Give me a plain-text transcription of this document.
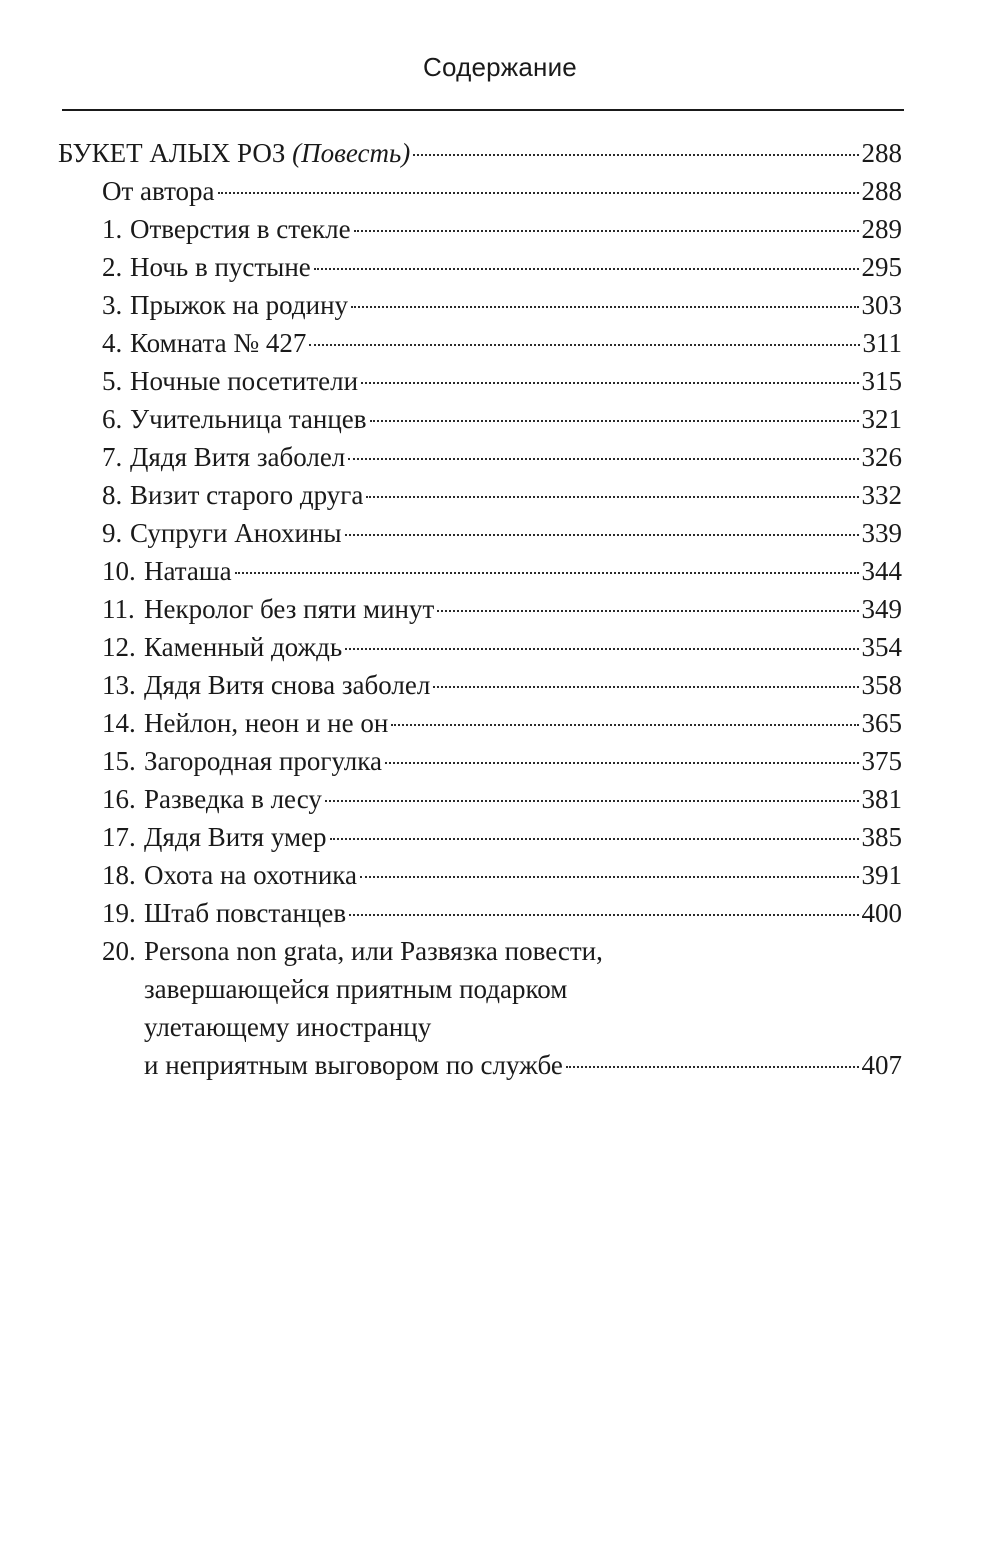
Содержание
БУКЕТ АЛЫХ РОЗ (Повесть)	288
От автора	288
1. Отверстия в стекле	289
2. Ночь в пустыне	295
3. Прыжок на родину	303
4. Комната № 427	311
5. Ночные посетители	315
6. Учительница танцев	321
7. Дядя Витя заболел	326
8. Визит старого друга	332
9. Супруги Анохины	339
10. Наташа	344
11. Некролог без пяти минут	349
12. Каменный дождь	354
13. Дядя Витя снова заболел	358
14. Нейлон, неон и не он	365
15. Загородная прогулка	375
16. Разведка в лесу	381
17. Дядя Витя умер	385
18. Охота на охотника	391
19. Штаб повстанцев	400
20. Persona non grata, или Развязка повести,
завершающейся приятным подарком
улетающему иностранцу
и неприятным выговором по службе	407
